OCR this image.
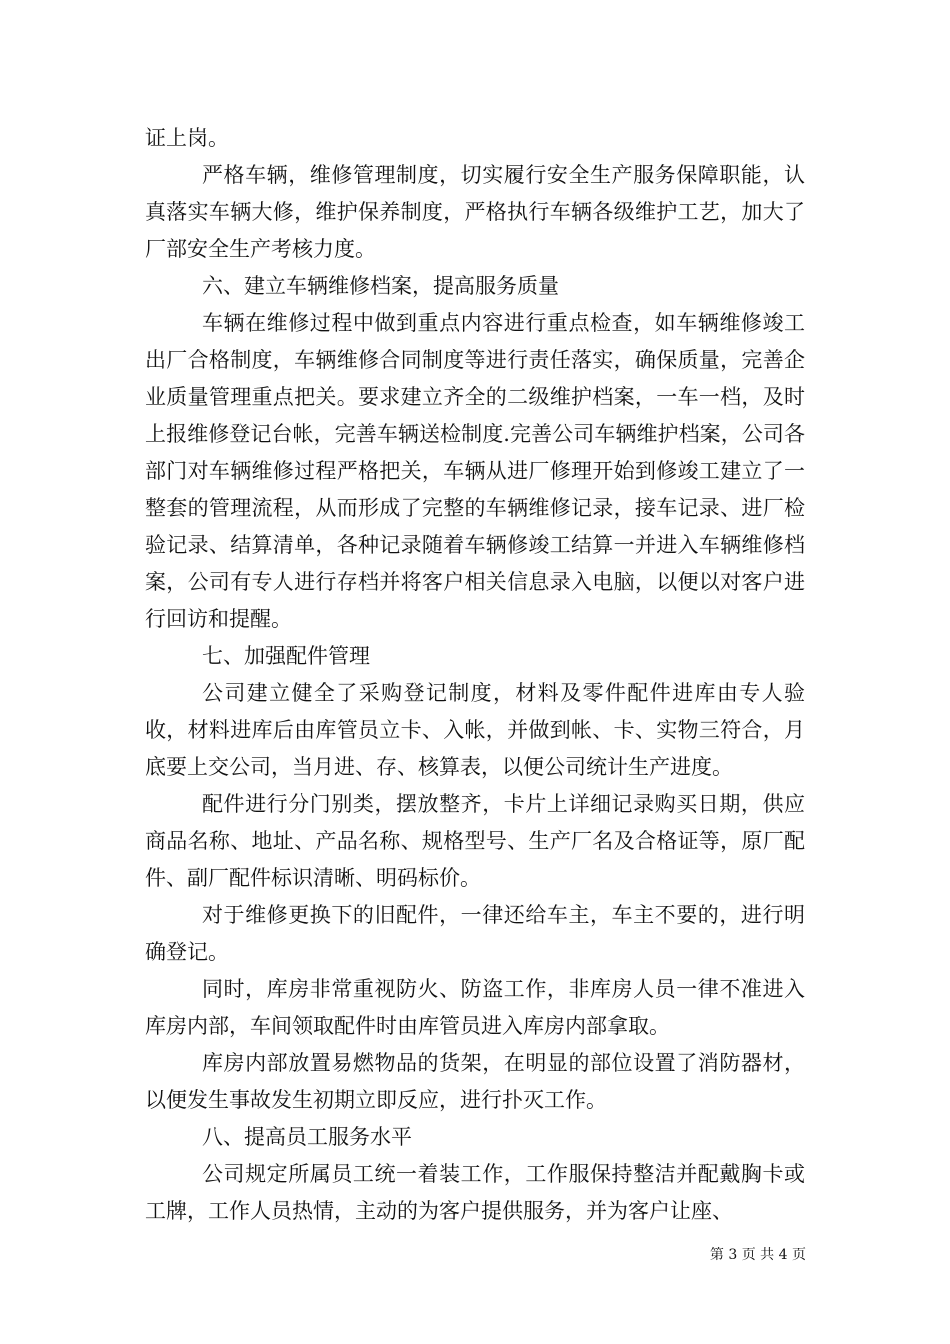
证上岗。

严格车辆，维修管理制度，切实履行安全生产服务保障职能，认真落实车辆大修，维护保养制度，严格执行车辆各级维护工艺，加大了厂部安全生产考核力度。

六、建立车辆维修档案，提高服务质量

车辆在维修过程中做到重点内容进行重点检查，如车辆维修竣工出厂合格制度，车辆维修合同制度等进行责任落实，确保质量，完善企业质量管理重点把关。要求建立齐全的二级维护档案，一车一档，及时上报维修登记台帐，完善车辆送检制度.完善公司车辆维护档案，公司各部门对车辆维修过程严格把关，车辆从进厂修理开始到修竣工建立了一整套的管理流程，从而形成了完整的车辆维修记录，接车记录、进厂检验记录、结算清单，各种记录随着车辆修竣工结算一并进入车辆维修档案，公司有专人进行存档并将客户相关信息录入电脑，以便以对客户进行回访和提醒。

七、加强配件管理

公司建立健全了采购登记制度，材料及零件配件进库由专人验收，材料进库后由库管员立卡、入帐，并做到帐、卡、实物三符合，月底要上交公司，当月进、存、核算表，以便公司统计生产进度。

配件进行分门别类，摆放整齐，卡片上详细记录购买日期，供应商品名称、地址、产品名称、规格型号、生产厂名及合格证等，原厂配件、副厂配件标识清晰、明码标价。

对于维修更换下的旧配件，一律还给车主，车主不要的，进行明确登记。

同时，库房非常重视防火、防盗工作，非库房人员一律不准进入库房内部，车间领取配件时由库管员进入库房内部拿取。

库房内部放置易燃物品的货架，在明显的部位设置了消防器材，以便发生事故发生初期立即反应，进行扑灭工作。

八、提高员工服务水平

公司规定所属员工统一着装工作，工作服保持整洁并配戴胸卡或工牌，工作人员热情，主动的为客户提供服务，并为客户让座、

第 3 页 共 4 页
